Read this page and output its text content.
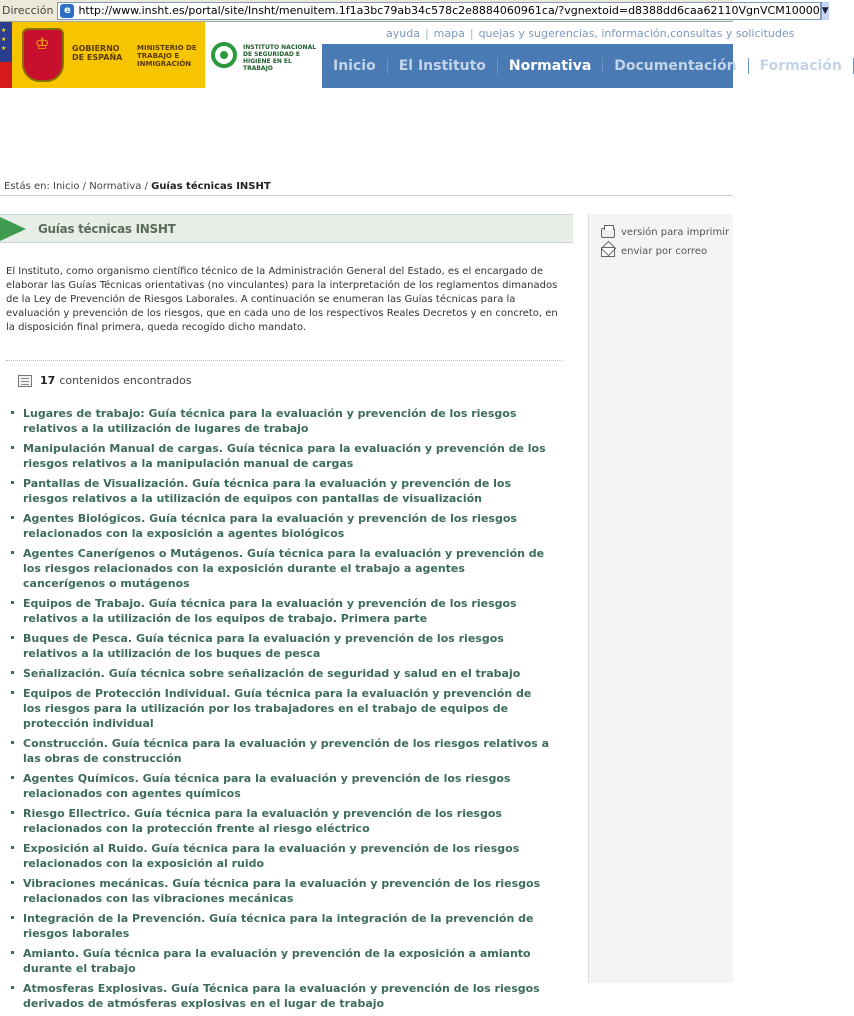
Dirección	e http://www.insht.es/portal/site/Insht/menuitem.1f1a3bc79ab34c578c2e8884060961ca/?vgnextoid=d8388dd6caa62110VgnVCM10000 ▼
★ ★ ★
♔
GOBIERNO DE ESPAÑA
MINISTERIO DE TRABAJO E INMIGRACIÓN
INSTITUTO NACIONAL DE SEGURIDAD E HIGIENE EN EL TRABAJO
ayuda | mapa | quejas y sugerencias, información,consultas y solicitudes
Inicio	El Instituto	Normativa	Documentación	Formación
Estás en: Inicio / Normativa / Guías técnicas INSHT
Guías técnicas INSHT
El Instituto, como organismo científico técnico de la Administración General del Estado, es el encargado de elaborar las Guías Técnicas orientativas (no vinculantes) para la interpretación de los reglamentos dimanados de la Ley de Prevención de Riesgos Laborales. A continuación se enumeran las Guías técnicas para la evaluación y prevención de los riesgos, que en cada uno de los respectivos Reales Decretos y en concreto, en la disposición final primera, queda recogido dicho mandato.
17 contenidos encontrados
Lugares de trabajo: Guía técnica para la evaluación y prevención de los riesgos relativos a la utilización de lugares de trabajo
Manipulación Manual de cargas. Guía técnica para la evaluación y prevención de los riesgos relativos a la manipulación manual de cargas
Pantallas de Visualización. Guía técnica para la evaluación y prevención de los riesgos relativos a la utilización de equipos con pantallas de visualización
Agentes Biológicos. Guía técnica para la evaluación y prevención de los riesgos relacionados con la exposición a agentes biológicos
Agentes Canerígenos o Mutágenos. Guía técnica para la evaluación y prevención de los riesgos relacionados con la exposición durante el trabajo a agentes cancerígenos o mutágenos
Equipos de Trabajo. Guía técnica para la evaluación y prevención de los riesgos relativos a la utilización de los equipos de trabajo. Primera parte
Buques de Pesca. Guía técnica para la evaluación y prevención de los riesgos relativos a la utilización de los buques de pesca
Señalización. Guía técnica sobre señalización de seguridad y salud en el trabajo
Equipos de Protección Individual. Guía técnica para la evaluación y prevención de los riesgos para la utilización por los trabajadores en el trabajo de equipos de protección individual
Construcción. Guía técnica para la evaluación y prevención de los riesgos relativos a las obras de construcción
Agentes Químicos. Guía técnica para la evaluación y prevención de los riesgos relacionados con agentes químicos
Riesgo Ellectrico. Guía técnica para la evaluación y prevención de los riesgos relacionados con la protección frente al riesgo eléctrico
Exposición al Ruido. Guía técnica para la evaluación y prevención de los riesgos relacionados con la exposición al ruido
Vibraciones mecánicas. Guía técnica para la evaluación y prevención de los riesgos relacionados con las vibraciones mecánicas
Integración de la Prevención. Guía técnica para la integración de la prevención de riesgos laborales
Amianto. Guía técnica para la evaluación y prevención de la exposición a amianto durante el trabajo
Atmosferas Explosivas. Guía Técnica para la evaluación y prevención de los riesgos derivados de atmósferas explosivas en el lugar de trabajo
versión para imprimir
enviar por correo
